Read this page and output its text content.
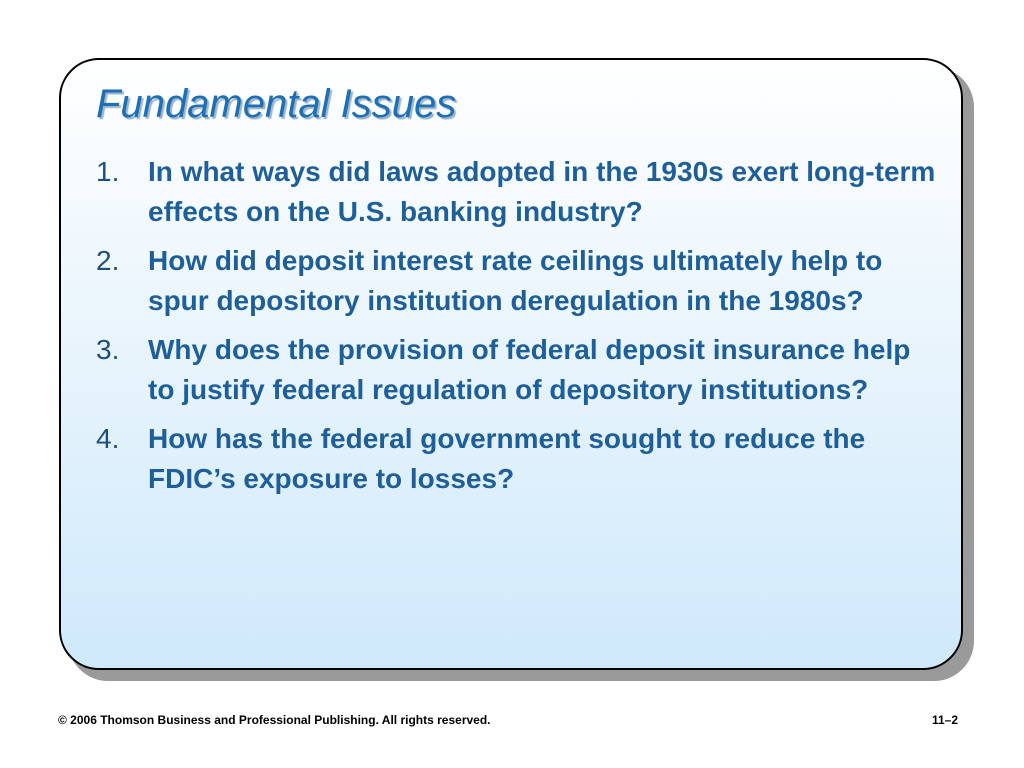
Fundamental Issues
1.	In what ways did laws adopted in the 1930s exert long-term effects on the U.S. banking industry?
2.	How did deposit interest rate ceilings ultimately help to spur depository institution deregulation in the 1980s?
3.	Why does the provision of federal deposit insurance help to justify federal regulation of depository institutions?
4.	How has the federal government sought to reduce the FDIC’s exposure to losses?
© 2006 Thomson Business and Professional Publishing. All rights reserved.	11–2
